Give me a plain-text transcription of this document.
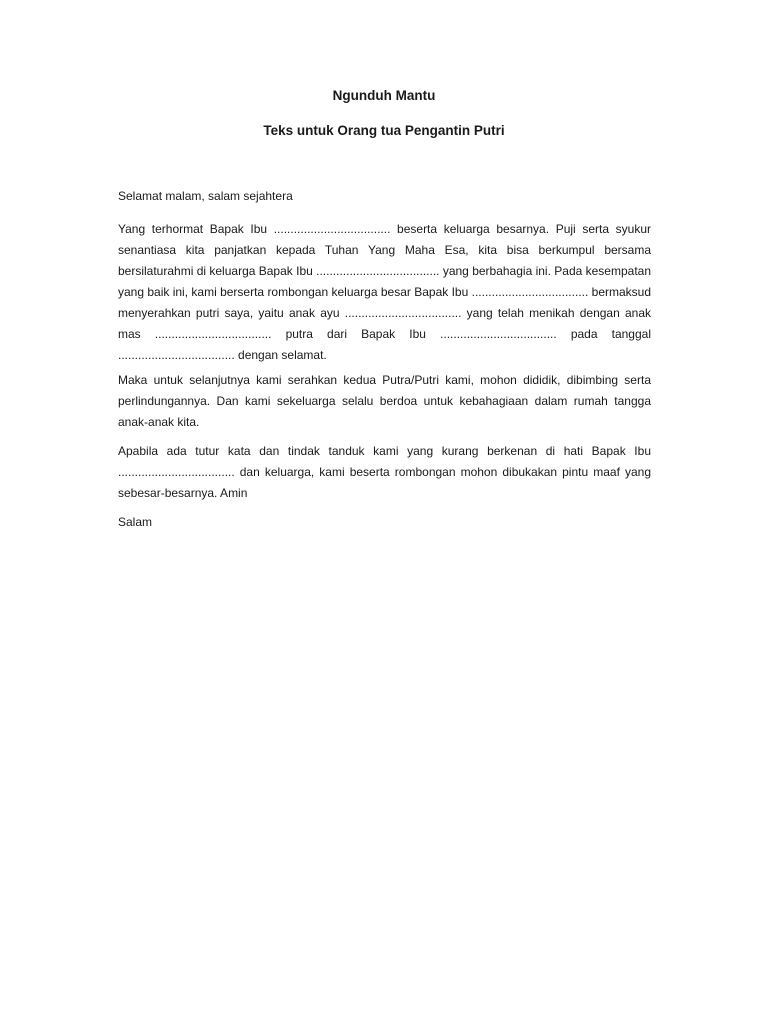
Ngunduh Mantu
Teks untuk Orang tua Pengantin Putri
Selamat malam, salam sejahtera

Yang terhormat Bapak Ibu ................................... beserta keluarga besarnya. Puji serta syukur senantiasa kita panjatkan kepada Tuhan Yang Maha Esa, kita bisa berkumpul bersama bersilaturahmi di keluarga Bapak Ibu ..................................... yang berbahagia ini. Pada kesempatan yang baik ini, kami berserta rombongan keluarga besar Bapak Ibu ................................... bermaksud menyerahkan putri saya, yaitu anak ayu ................................... yang telah menikah dengan anak mas ................................... putra dari Bapak Ibu ................................... pada tanggal ................................... dengan selamat.

Maka untuk selanjutnya kami serahkan kedua Putra/Putri kami, mohon dididik, dibimbing serta perlindungannya. Dan kami sekeluarga selalu berdoa untuk kebahagiaan dalam rumah tangga anak-anak kita.

Apabila ada tutur kata dan tindak tanduk kami yang kurang berkenan di hati Bapak Ibu ................................... dan keluarga, kami beserta rombongan mohon dibukakan pintu maaf yang sebesar-besarnya. Amin

Salam
